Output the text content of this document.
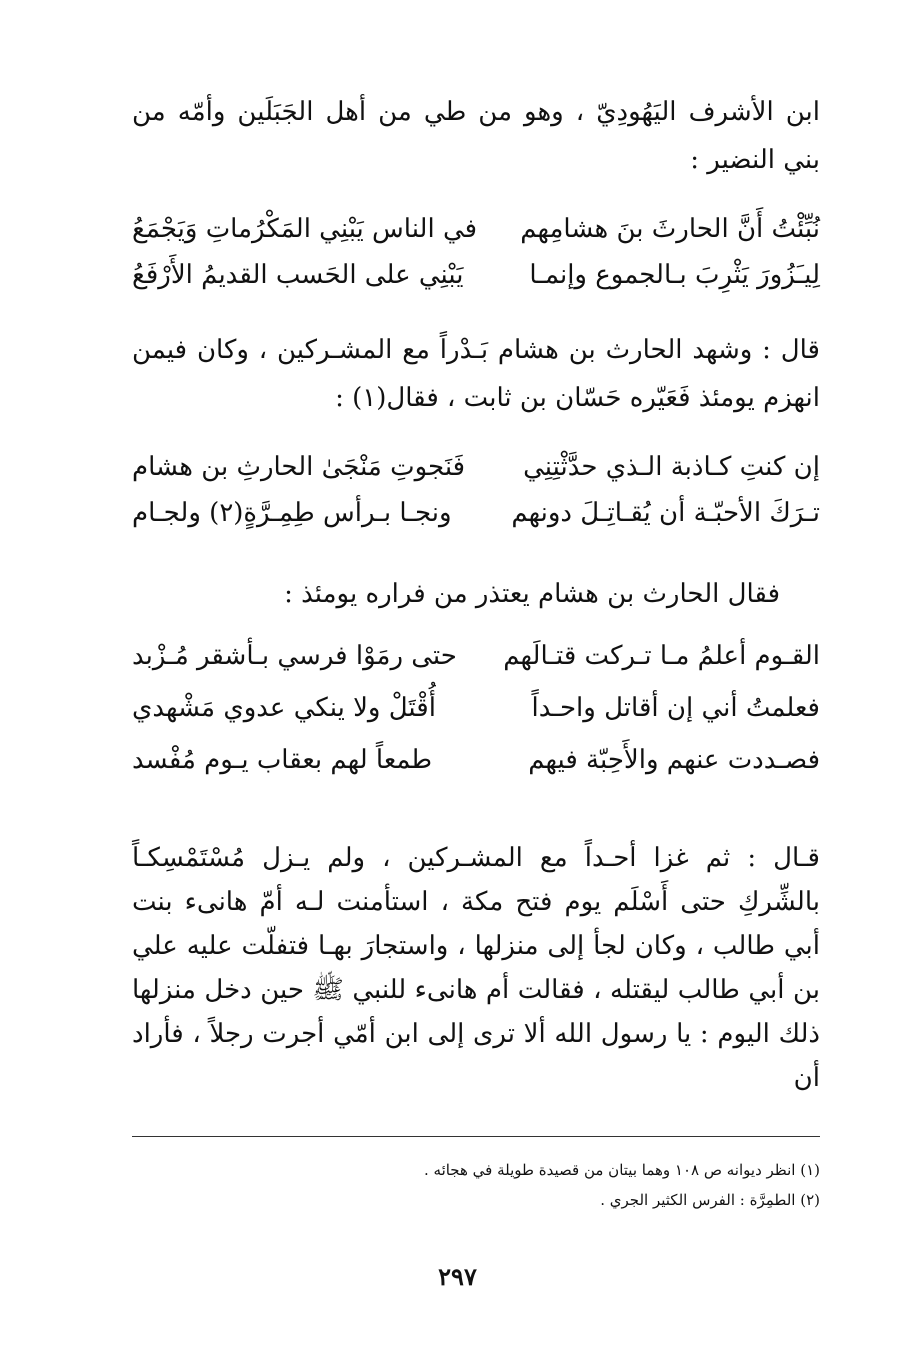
ابن الأشرف اليَهُودِيّ ، وهو من طي من أهل الجَبَلَين وأمّه من بني النضير :

نُبِّئْتُ أَنَّ الحارثَ بنَ هشامِهم
في الناس يَبْنِي المَكْرُماتِ وَيَجْمَعُ
لِيـَزُورَ يَثْرِبَ بـالجموع وإنمـا
يَبْنِي على الحَسب القديمُ الأَرْفَعُ

قال : وشهد الحارث بن هشام بَـدْراً مع المشـركين ، وكان فيمن انهزم يومئذ فَعَيّره حَسّان بن ثابت ، فقال(١) :

إن كنتِ كـاذبة الـذي حدَّثْتِنِي
فَنَجوتِ مَنْجَىٰ الحارثِ بن هشام
تـرَكَ الأحبّـة أن يُقـاتِـلَ دونهم
ونجـا بـرأس طِمِـرَّةٍ(٢) ولجـام

فقال الحارث بن هشام يعتذر من فراره يومئذ :

القـوم أعلمُ مـا تـركت قتـالَهم
حتى رمَوْا فرسي بـأشقر مُـزْبد
فعلمتُ أني إن أقاتل واحـداً
أُقْتَلْ ولا ينكي عدوي مَشْهدي
فصـددت عنهم والأَحِبّة فيهم
طمعاً لهم بعقاب يـوم مُفْسد

قـال : ثم غزا أحـداً مع المشـركين ، ولم يـزل مُسْتَمْسِكـاً بالشِّركِ حتى أَسْلَم يوم فتح مكة ، استأمنت لـه أمّ هانىء بنت أبي طالب ، وكان لجأ إلى منزلها ، واستجارَ بهـا فتفلّت عليه علي بن أبي طالب ليقتله ، فقالت أم هانىء للنبي ﷺ حين دخل منزلها ذلك اليوم : يا رسول الله ألا ترى إلى ابن أمّي أجرت رجلاً ، فأراد أن

(١) انظر ديوانه ص ١٠٨ وهما بيتان من قصيدة طويلة في هجائه .
(٢) الطمِرَّة : الفرس الكثير الجري .
٢٩٧
